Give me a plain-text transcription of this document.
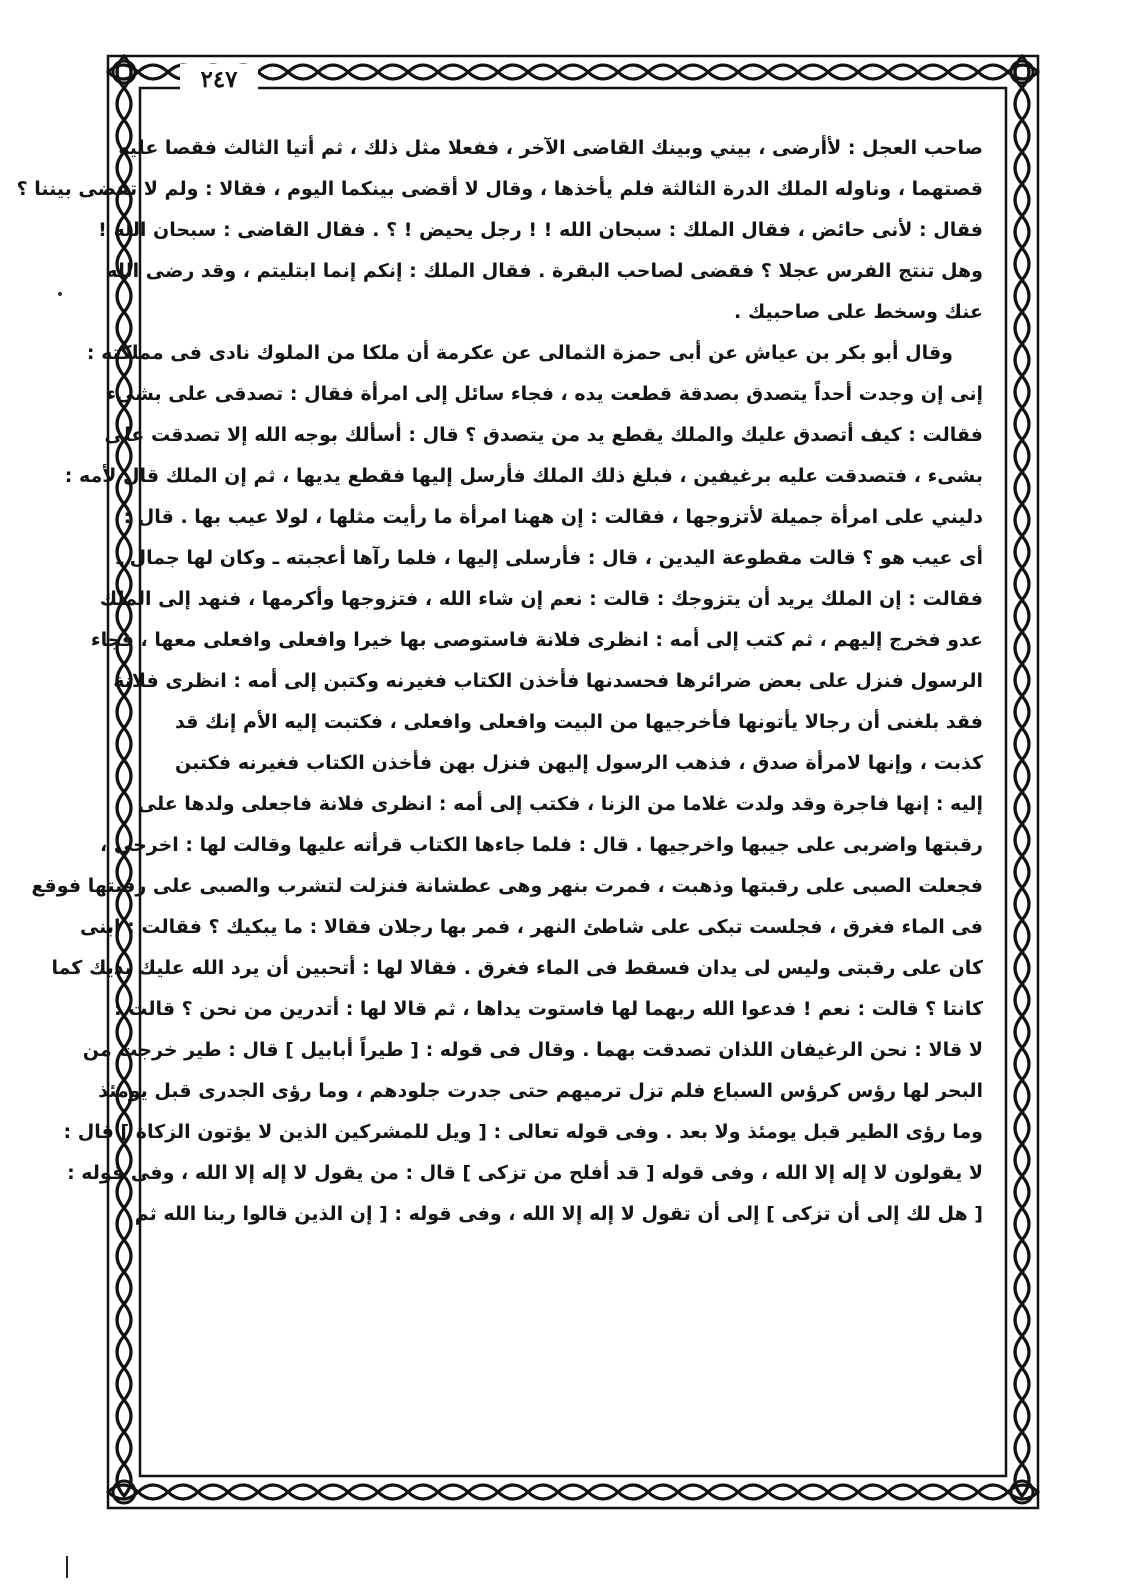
٢٤٧
صاحب العجل : لأأرضى ، بيني وبينك القاضى الآخر ، ففعلا مثل ذلك ، ثم أتيا الثالث فقصا عليه
قصتهما ، وناوله الملك الدرة الثالثة فلم يأخذها ، وقال لا أقضى بينكما اليوم ، فقالا : ولم لا تقضى بيننا ؟
فقال : لأنى حائض ، فقال الملك : سبحان الله ! ! رجل يحيض ! ؟ . فقال القاضى : سبحان الله !
وهل تنتج الفرس عجلا ؟ فقضى لصاحب البقرة . فقال الملك : إنكم إنما ابتليتم ، وقد رضى الله
عنك وسخط على صاحبيك .
وقال أبو بكر بن عياش عن أبى حمزة الثمالى عن عكرمة أن ملكا من الملوك نادى فى مملكته :
إنى إن وجدت أحداً يتصدق بصدقة قطعت يده ، فجاء سائل إلى امرأة فقال : تصدقى على بشىء
فقالت : كيف أتصدق عليك والملك يقطع يد من يتصدق ؟ قال : أسألك بوجه الله إلا تصدقت على
بشىء ، فتصدقت عليه برغيفين ، فبلغ ذلك الملك فأرسل إليها فقطع يديها ، ثم إن الملك قال لأمه :
دليني على امرأة جميلة لأتزوجها ، فقالت : إن ههنا امرأة ما رأيت مثلها ، لولا عيب بها . قال :
أى عيب هو ؟ قالت مقطوعة اليدين ، قال : فأرسلى إليها ، فلما رآها أعجبته ـ وكان لها جمال ـ
فقالت : إن الملك يريد أن يتزوجك : قالت : نعم إن شاء الله ، فتزوجها وأكرمها ، فنهد إلى الملك
عدو فخرج إليهم ، ثم كتب إلى أمه : انظرى فلانة فاستوصى بها خيرا وافعلى وافعلى معها ، فجاء
الرسول فنزل على بعض ضرائرها فحسدنها فأخذن الكتاب فغيرنه وكتبن إلى أمه : انظرى فلانة
فقد بلغنى أن رجالا يأتونها فأخرجيها من البيت وافعلى وافعلى ، فكتبت إليه الأم إنك قد
كذبت ، وإنها لامرأة صدق ، فذهب الرسول إليهن فنزل بهن فأخذن الكتاب فغيرنه فكتبن
إليه : إنها فاجرة وقد ولدت غلاما من الزنا ، فكتب إلى أمه : انظرى فلانة فاجعلى ولدها على
رقبتها واضربى على جيبها واخرجيها . قال : فلما جاءها الكتاب قرأته عليها وقالت لها : اخرجى ،
فجعلت الصبى على رقبتها وذهبت ، فمرت بنهر وهى عطشانة فنزلت لتشرب والصبى على رقبتها فوقع
فى الماء فغرق ، فجلست تبكى على شاطئ النهر ، فمر بها رجلان فقالا : ما يبكيك ؟ فقالت : ابنى
كان على رقبتى وليس لى يدان فسقط فى الماء فغرق . فقالا لها : أتحبين أن يرد الله عليك يديك كما
كانتا ؟ قالت : نعم ! فدعوا الله ربهما لها فاستوت يداها ، ثم قالا لها : أتدرين من نحن ؟ قالت :
لا قالا : نحن الرغيفان اللذان تصدقت بهما . وقال فى قوله : [ طيراً أبابيل ] قال : طير خرجت من
البحر لها رؤس كرؤس السباع فلم تزل ترميهم حتى جدرت جلودهم ، وما رؤى الجدرى قبل يومئذ
وما رؤى الطير قبل يومئذ ولا بعد . وفى قوله تعالى : [ ويل للمشركين الذين لا يؤتون الزكاة ] قال :
لا يقولون لا إله إلا الله ، وفى قوله [ قد أفلح من تزكى ] قال : من يقول لا إله إلا الله ، وفى قوله :
[ هل لك إلى أن تزكى ] إلى أن تقول لا إله إلا الله ، وفى قوله : [ إن الذين قالوا ربنا الله ثم
